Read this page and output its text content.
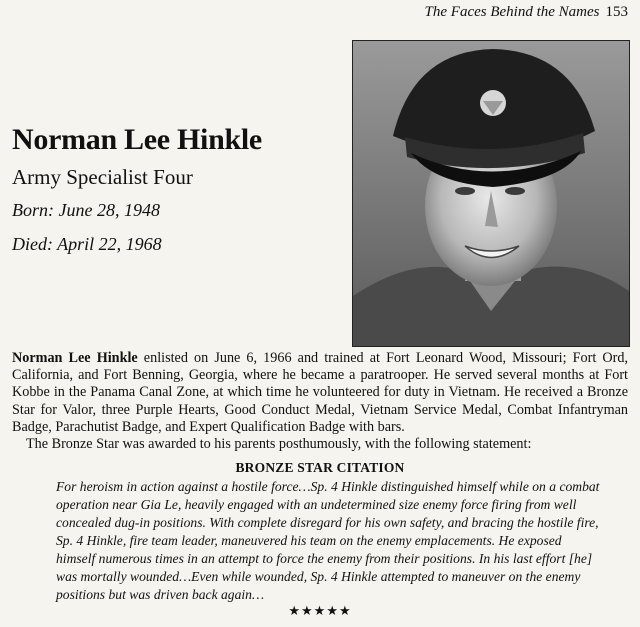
The Faces Behind the Names 153
Norman Lee Hinkle

Army Specialist Four

Born: June 28, 1948

Died: April 22, 1968

Norman Lee Hinkle enlisted on June 6, 1966 and trained at Fort Leonard Wood, Missouri; Fort Ord, California, and Fort Benning, Georgia, where he became a paratrooper. He served several months at Fort Kobbe in the Panama Canal Zone, at which time he volunteered for duty in Vietnam. He received a Bronze Star for Valor, three Purple Hearts, Good Conduct Medal, Vietnam Service Medal, Combat Infantryman Badge, Parachutist Badge, and Expert Qualification Badge with bars.

The Bronze Star was awarded to his parents posthumously, with the following statement:

BRONZE STAR CITATION

For heroism in action against a hostile force…Sp. 4 Hinkle distinguished himself while on a combat operation near Gia Le, heavily engaged with an undetermined size enemy force firing from well concealed dug-in positions. With complete disregard for his own safety, and bracing the hostile fire, Sp. 4 Hinkle, fire team leader, maneuvered his team on the enemy emplacements. He exposed himself numerous times in an attempt to force the enemy from their positions. In his last effort [he] was mortally wounded…Even while wounded, Sp. 4 Hinkle attempted to maneuver on the enemy positions but was driven back again…

★★★★★
